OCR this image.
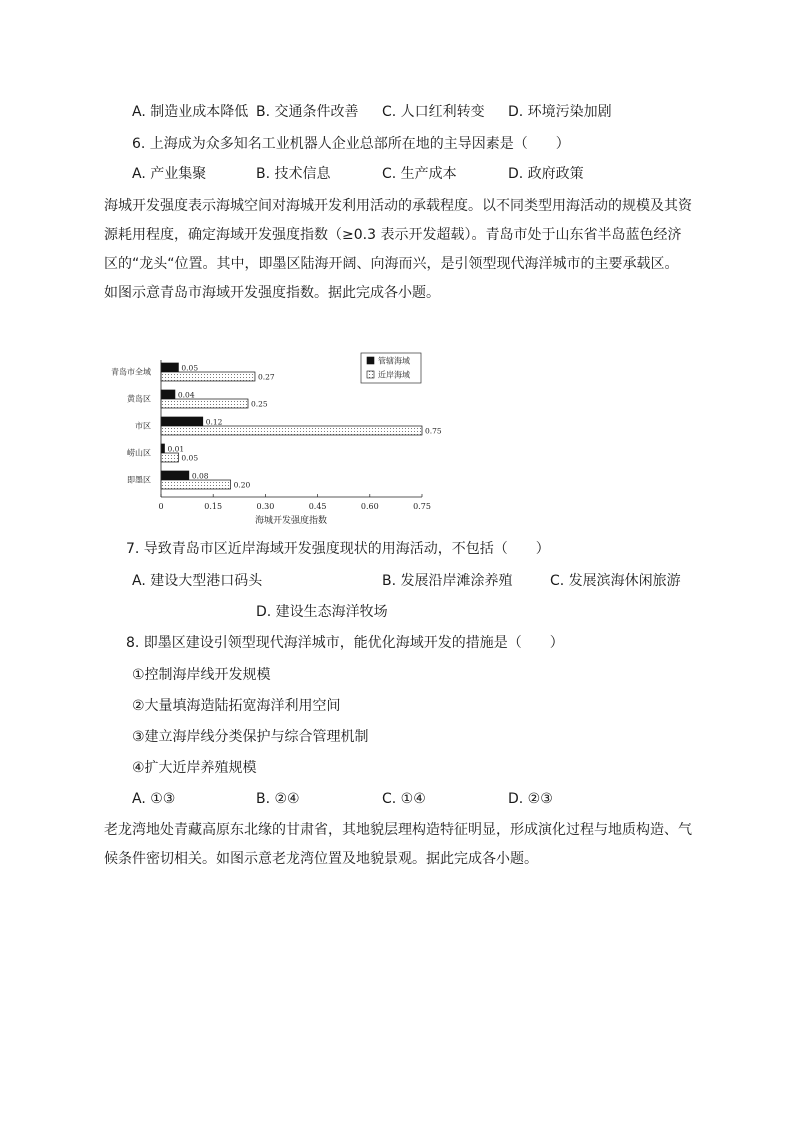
A. 制造业成本降低 B. 交通条件改善 C. 人口红利转变 D. 环境污染加剧
6. 上海成为众多知名工业机器人企业总部所在地的主导因素是（　　）
A. 产业集聚	B. 技术信息	C. 生产成本	D. 政府政策
海城开发强度表示海城空间对海城开发利用活动的承载程度。以不同类型用海活动的规模及其资源耗用程度，确定海域开发强度指数（≥0.3 表示开发超载）。青岛市处于山东省半岛蓝色经济区的“龙头“位置。其中，即墨区陆海开阔、向海而兴，是引领型现代海洋城市的主要承载区。如图示意青岛市海域开发强度指数。据此完成各小题。
青岛市全域
黄岛区
市区
崂山区
即墨区
0.05
0.27
0.04
0.25
0.12
0.75
0.01
0.05
0.08
0.20
0	0.15	0.30	0.45	0.60	0.75
海城开发强度指数
管辖海域
近岸海域
7. 导致青岛市区近岸海域开发强度现状的用海活动，不包括（　　）
A. 建设大型港口码头	B. 发展沿岸滩涂养殖	C. 发展滨海休闲旅游
D. 建设生态海洋牧场
8. 即墨区建设引领型现代海洋城市，能优化海域开发的措施是（　　）
①控制海岸线开发规模
②大量填海造陆拓宽海洋利用空间
③建立海岸线分类保护与综合管理机制
④扩大近岸养殖规模
A. ①③	B. ②④	C. ①④	D. ②③
老龙湾地处青藏高原东北缘的甘肃省，其地貌层理构造特征明显，形成演化过程与地质构造、气候条件密切相关。如图示意老龙湾位置及地貌景观。据此完成各小题。
